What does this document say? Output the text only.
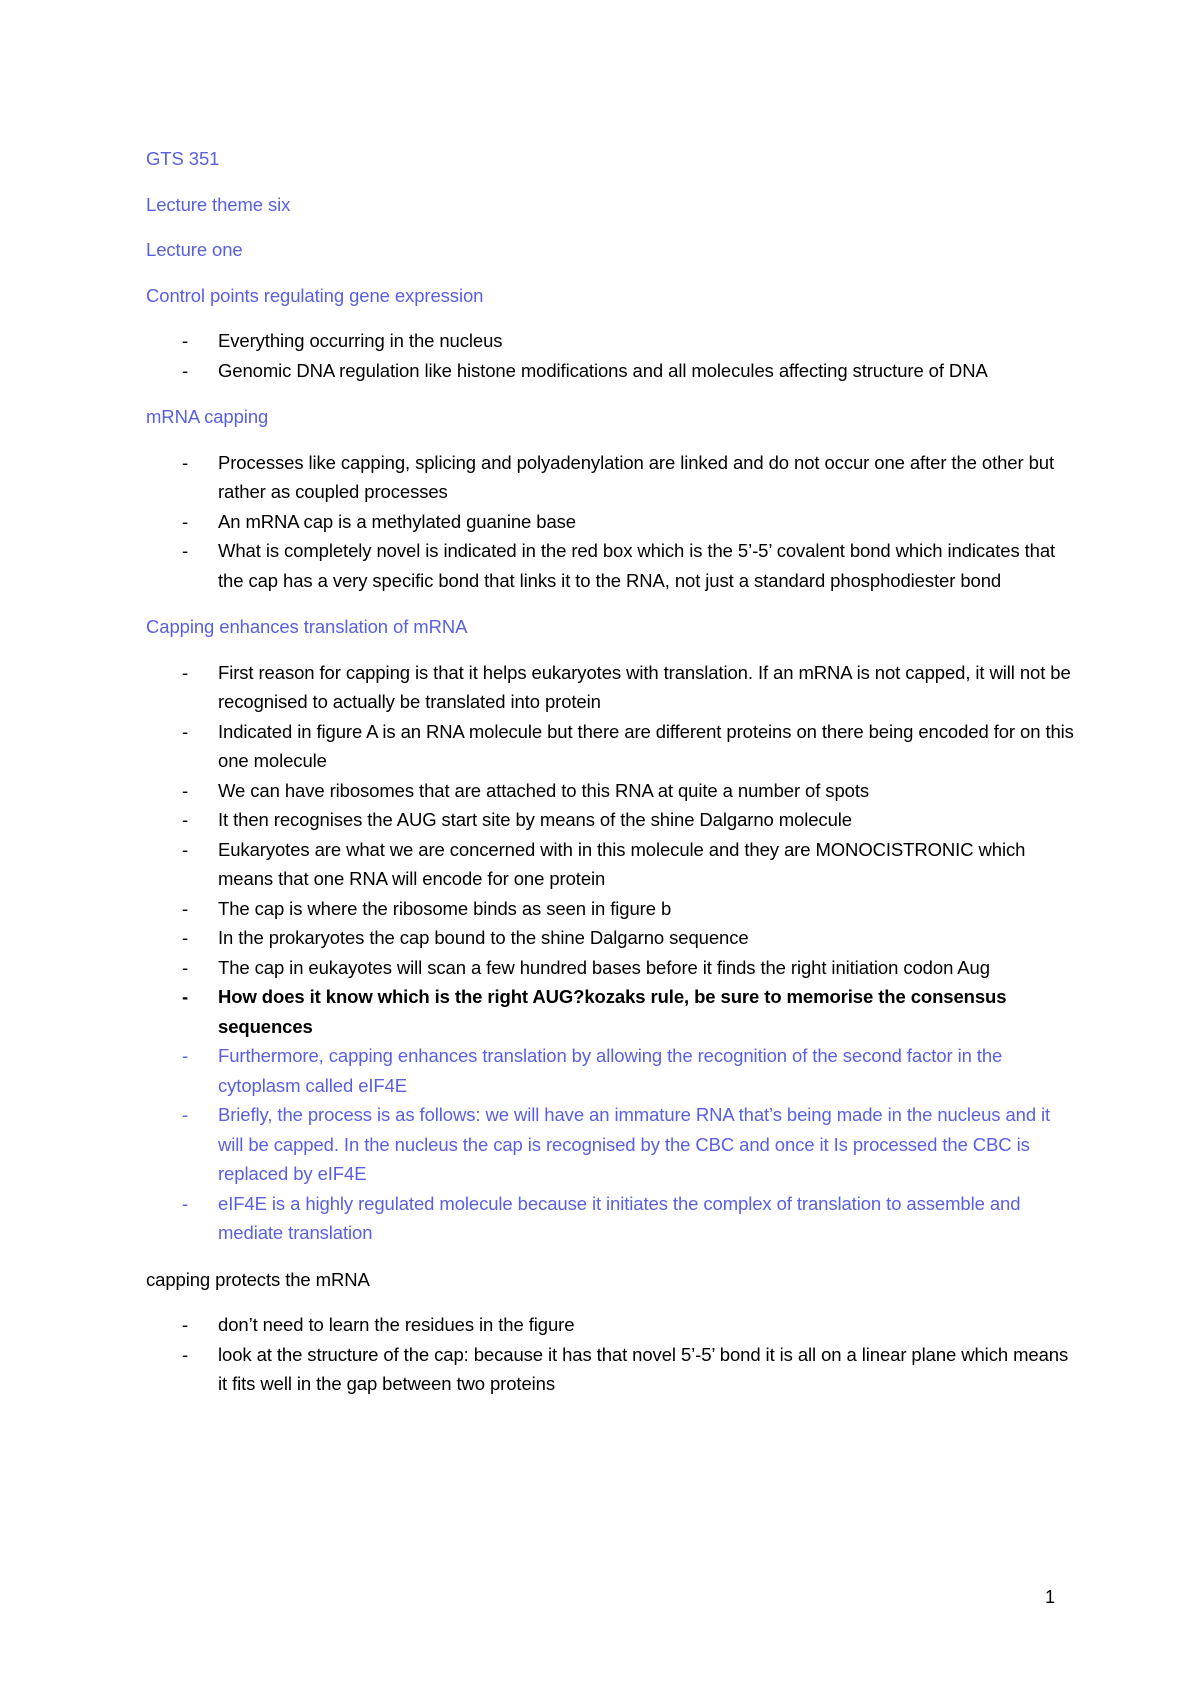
GTS 351

Lecture theme six

Lecture one

Control points regulating gene expression

- Everything occurring in the nucleus
- Genomic DNA regulation like histone modifications and all molecules affecting structure of DNA

mRNA capping

- Processes like capping, splicing and polyadenylation are linked and do not occur one after the other but rather as coupled processes
- An mRNA cap is a methylated guanine base
- What is completely novel is indicated in the red box which is the 5’-5’ covalent bond which indicates that the cap has a very specific bond that links it to the RNA, not just a standard phosphodiester bond

Capping enhances translation of mRNA

- First reason for capping is that it helps eukaryotes with translation. If an mRNA is not capped, it will not be recognised to actually be translated into protein
- Indicated in figure A is an RNA molecule but there are different proteins on there being encoded for on this one molecule
- We can have ribosomes that are attached to this RNA at quite a number of spots
- It then recognises the AUG start site by means of the shine Dalgarno molecule
- Eukaryotes are what we are concerned with in this molecule and they are MONOCISTRONIC which means that one RNA will encode for one protein
- The cap is where the ribosome binds as seen in figure b
- In the prokaryotes the cap bound to the shine Dalgarno sequence
- The cap in eukayotes will scan a few hundred bases before it finds the right initiation codon Aug
- How does it know which is the right AUG?kozaks rule, be sure to memorise the consensus sequences
- Furthermore, capping enhances translation by allowing the recognition of the second factor in the cytoplasm called eIF4E
- Briefly, the process is as follows: we will have an immature RNA that’s being made in the nucleus and it will be capped. In the nucleus the cap is recognised by the CBC and once it Is processed the CBC is replaced by eIF4E
- eIF4E is a highly regulated molecule because it initiates the complex of translation to assemble and mediate translation

capping protects the mRNA

- don’t need to learn the residues in the figure
- look at the structure of the cap: because it has that novel 5’-5’ bond it is all on a linear plane which means it fits well in the gap between two proteins
1
